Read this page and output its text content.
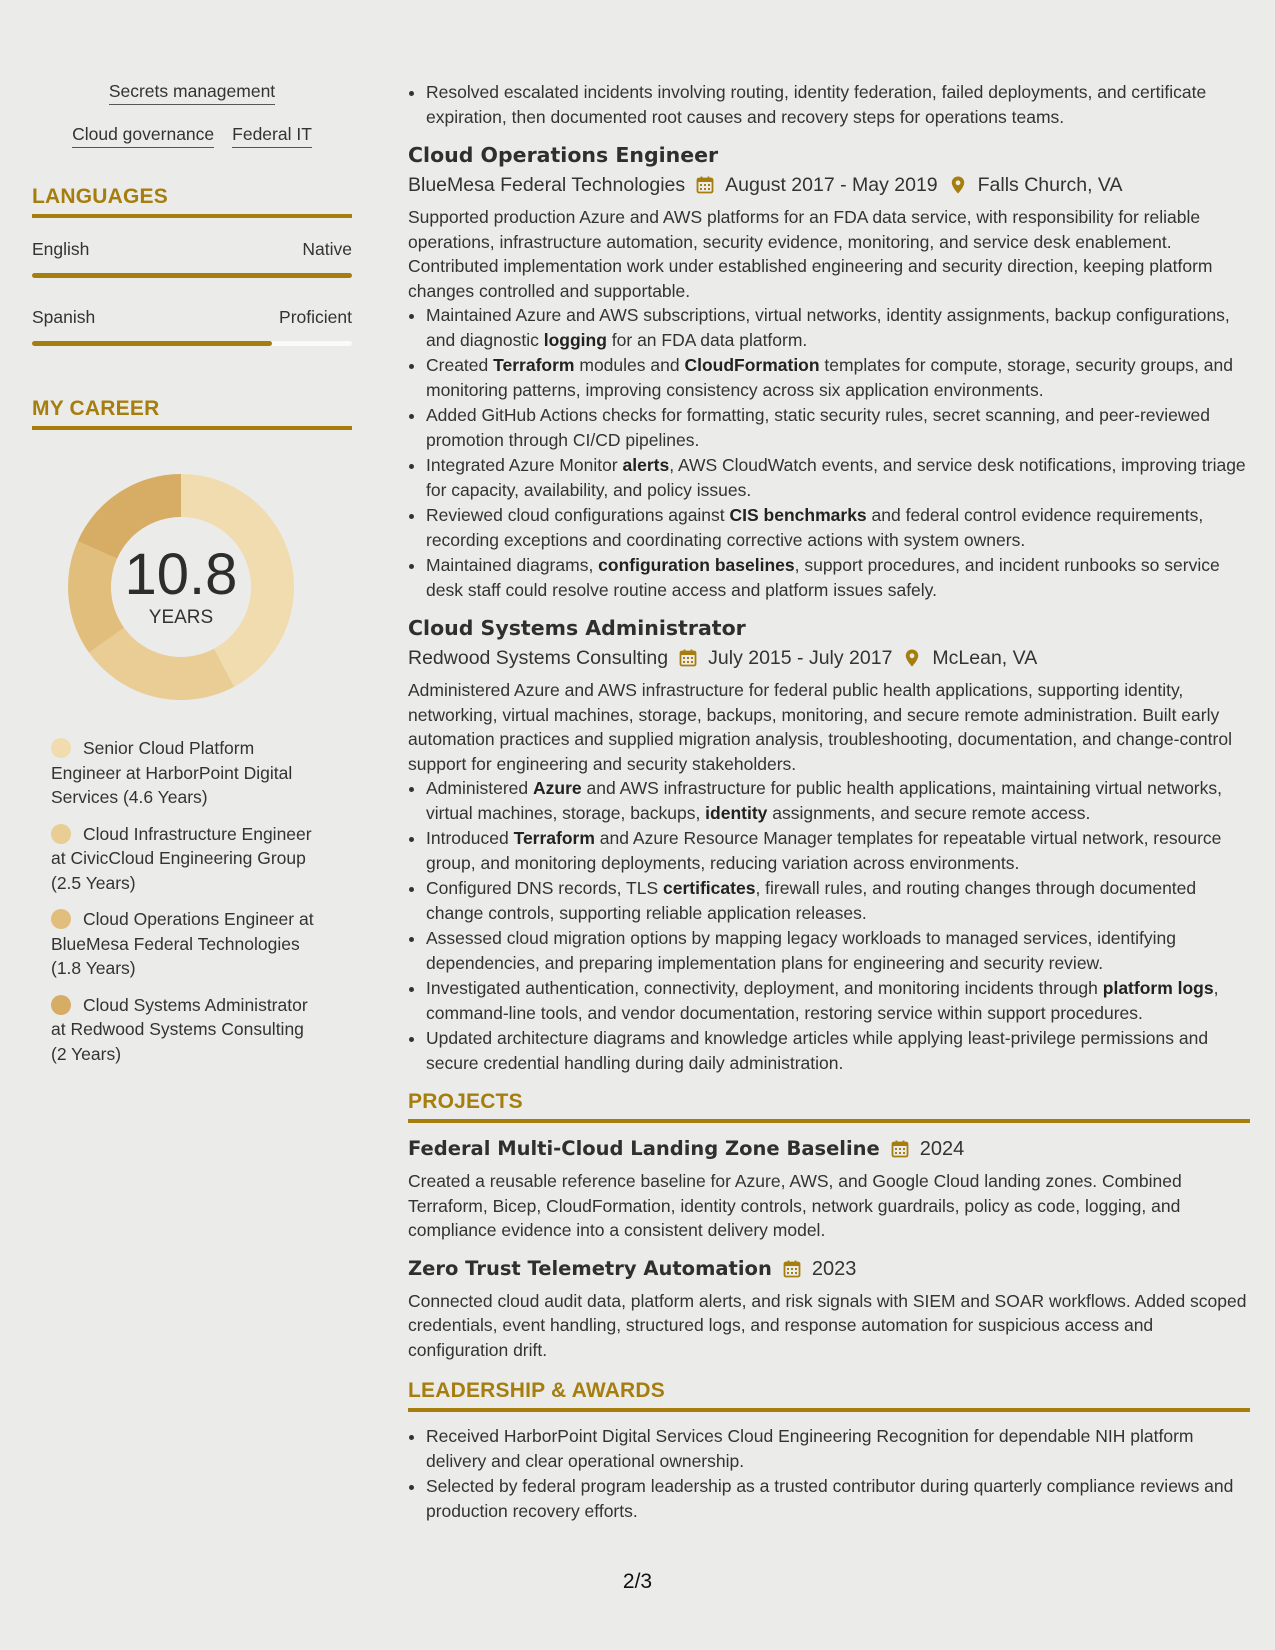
Secrets management
Cloud governance Federal IT
LANGUAGES
English	Native
Spanish	Proficient
MY CAREER
10.8
YEARS
Senior Cloud Platform Engineer at HarborPoint Digital Services (4.6 Years)
Cloud Infrastructure Engineer at CivicCloud Engineering Group (2.5 Years)
Cloud Operations Engineer at BlueMesa Federal Technologies (1.8 Years)
Cloud Systems Administrator at Redwood Systems Consulting (2 Years)
• Resolved escalated incidents involving routing, identity federation, failed deployments, and certificate expiration, then documented root causes and recovery steps for operations teams.
Cloud Operations Engineer
BlueMesa Federal Technologies August 2017 - May 2019 Falls Church, VA
Supported production Azure and AWS platforms for an FDA data service, with responsibility for reliable operations, infrastructure automation, security evidence, monitoring, and service desk enablement. Contributed implementation work under established engineering and security direction, keeping platform changes controlled and supportable.
• Maintained Azure and AWS subscriptions, virtual networks, identity assignments, backup configurations, and diagnostic logging for an FDA data platform.
• Created Terraform modules and CloudFormation templates for compute, storage, security groups, and monitoring patterns, improving consistency across six application environments.
• Added GitHub Actions checks for formatting, static security rules, secret scanning, and peer-reviewed promotion through CI/CD pipelines.
• Integrated Azure Monitor alerts, AWS CloudWatch events, and service desk notifications, improving triage for capacity, availability, and policy issues.
• Reviewed cloud configurations against CIS benchmarks and federal control evidence requirements, recording exceptions and coordinating corrective actions with system owners.
• Maintained diagrams, configuration baselines, support procedures, and incident runbooks so service desk staff could resolve routine access and platform issues safely.
Cloud Systems Administrator
Redwood Systems Consulting July 2015 - July 2017 McLean, VA
Administered Azure and AWS infrastructure for federal public health applications, supporting identity, networking, virtual machines, storage, backups, monitoring, and secure remote administration. Built early automation practices and supplied migration analysis, troubleshooting, documentation, and change-control support for engineering and security stakeholders.
• Administered Azure and AWS infrastructure for public health applications, maintaining virtual networks, virtual machines, storage, backups, identity assignments, and secure remote access.
• Introduced Terraform and Azure Resource Manager templates for repeatable virtual network, resource group, and monitoring deployments, reducing variation across environments.
• Configured DNS records, TLS certificates, firewall rules, and routing changes through documented change controls, supporting reliable application releases.
• Assessed cloud migration options by mapping legacy workloads to managed services, identifying dependencies, and preparing implementation plans for engineering and security review.
• Investigated authentication, connectivity, deployment, and monitoring incidents through platform logs, command-line tools, and vendor documentation, restoring service within support procedures.
• Updated architecture diagrams and knowledge articles while applying least-privilege permissions and secure credential handling during daily administration.
PROJECTS
Federal Multi-Cloud Landing Zone Baseline 2024
Created a reusable reference baseline for Azure, AWS, and Google Cloud landing zones. Combined Terraform, Bicep, CloudFormation, identity controls, network guardrails, policy as code, logging, and compliance evidence into a consistent delivery model.
Zero Trust Telemetry Automation 2023
Connected cloud audit data, platform alerts, and risk signals with SIEM and SOAR workflows. Added scoped credentials, event handling, structured logs, and response automation for suspicious access and configuration drift.
LEADERSHIP & AWARDS
• Received HarborPoint Digital Services Cloud Engineering Recognition for dependable NIH platform delivery and clear operational ownership.
• Selected by federal program leadership as a trusted contributor during quarterly compliance reviews and production recovery efforts.
2/3
